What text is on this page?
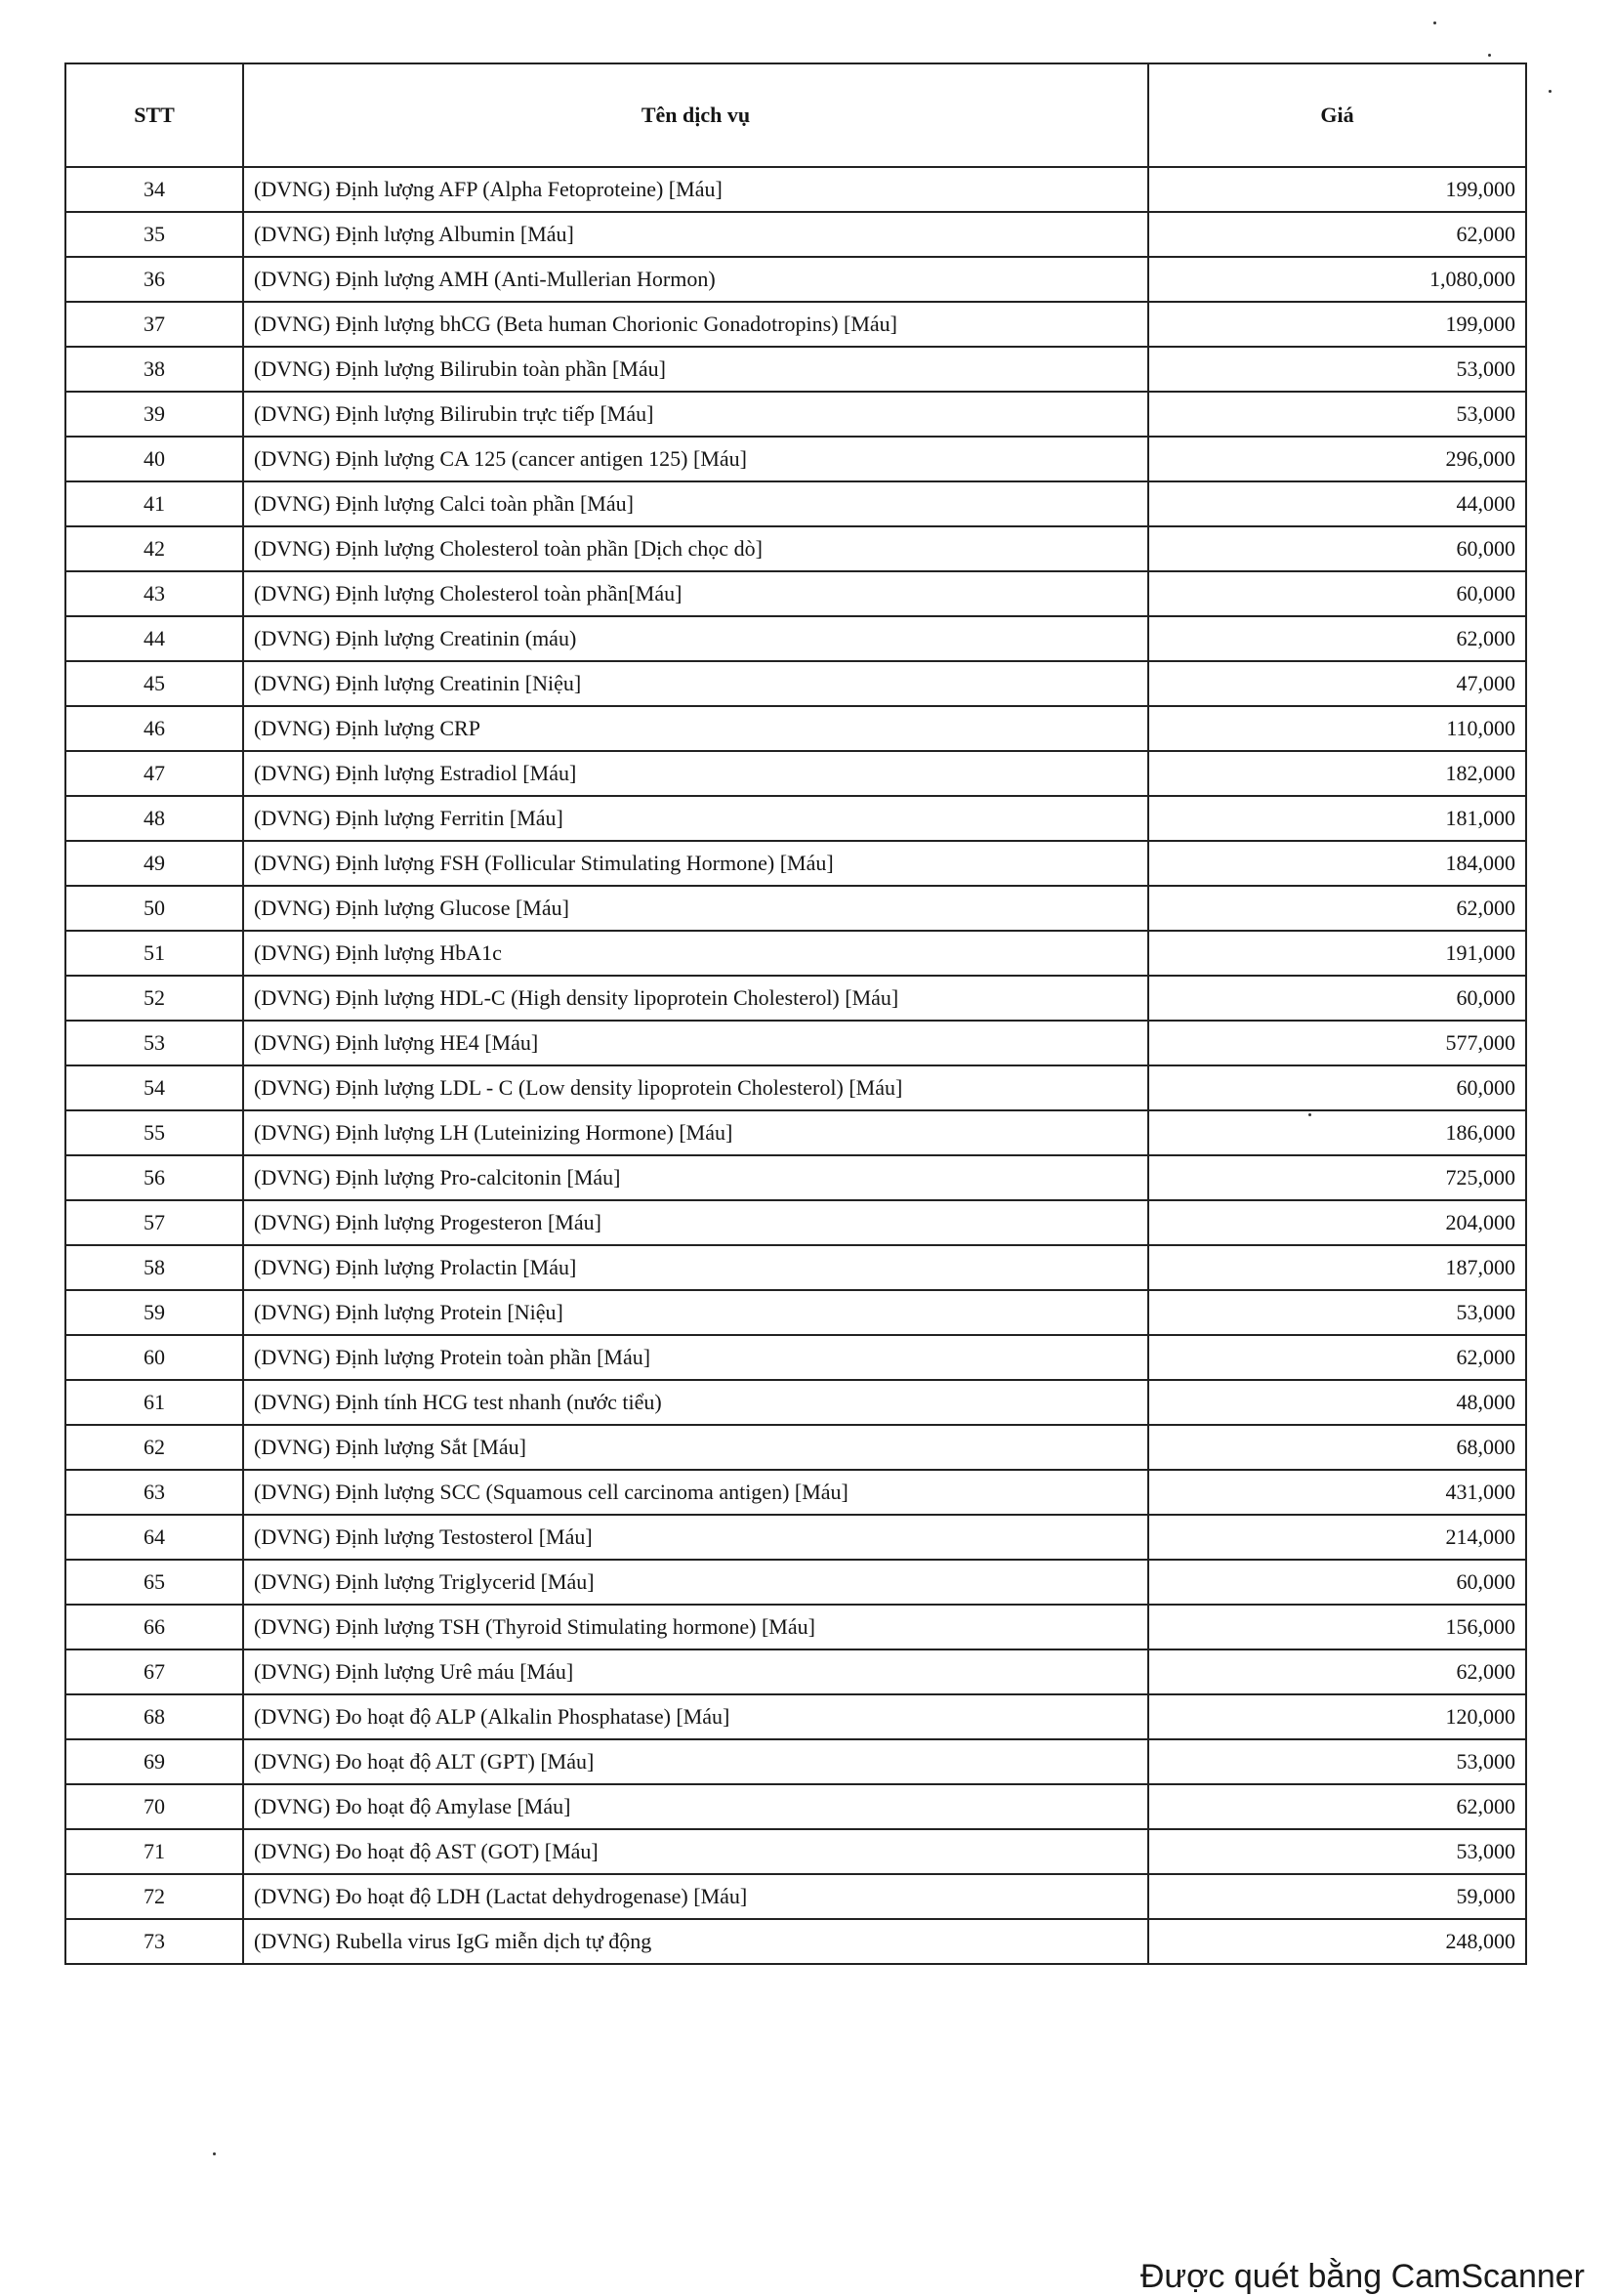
STT	Tên dịch vụ	Giá
34	(DVNG) Định lượng AFP (Alpha Fetoproteine) [Máu]	199,000
35	(DVNG) Định lượng Albumin [Máu]	62,000
36	(DVNG) Định lượng AMH (Anti-Mullerian Hormon)	1,080,000
37	(DVNG) Định lượng bhCG (Beta human Chorionic Gonadotropins) [Máu]	199,000
38	(DVNG) Định lượng Bilirubin toàn phần [Máu]	53,000
39	(DVNG) Định lượng Bilirubin trực tiếp [Máu]	53,000
40	(DVNG) Định lượng CA 125 (cancer antigen 125) [Máu]	296,000
41	(DVNG) Định lượng Calci toàn phần [Máu]	44,000
42	(DVNG) Định lượng Cholesterol toàn phần [Dịch chọc dò]	60,000
43	(DVNG) Định lượng Cholesterol toàn phần[Máu]	60,000
44	(DVNG) Định lượng Creatinin (máu)	62,000
45	(DVNG) Định lượng Creatinin [Niệu]	47,000
46	(DVNG) Định lượng CRP	110,000
47	(DVNG) Định lượng Estradiol [Máu]	182,000
48	(DVNG) Định lượng Ferritin [Máu]	181,000
49	(DVNG) Định lượng FSH (Follicular Stimulating Hormone) [Máu]	184,000
50	(DVNG) Định lượng Glucose [Máu]	62,000
51	(DVNG) Định lượng HbA1c	191,000
52	(DVNG) Định lượng HDL-C (High density lipoprotein Cholesterol) [Máu]	60,000
53	(DVNG) Định lượng HE4 [Máu]	577,000
54	(DVNG) Định lượng LDL - C (Low density lipoprotein Cholesterol) [Máu]	60,000
55	(DVNG) Định lượng LH (Luteinizing Hormone) [Máu]	186,000
56	(DVNG) Định lượng Pro-calcitonin [Máu]	725,000
57	(DVNG) Định lượng Progesteron [Máu]	204,000
58	(DVNG) Định lượng Prolactin [Máu]	187,000
59	(DVNG) Định lượng Protein [Niệu]	53,000
60	(DVNG) Định lượng Protein toàn phần [Máu]	62,000
61	(DVNG) Định tính HCG test nhanh (nước tiểu)	48,000
62	(DVNG) Định lượng Sắt [Máu]	68,000
63	(DVNG) Định lượng SCC (Squamous cell carcinoma antigen) [Máu]	431,000
64	(DVNG) Định lượng Testosterol [Máu]	214,000
65	(DVNG) Định lượng Triglycerid [Máu]	60,000
66	(DVNG) Định lượng TSH (Thyroid Stimulating hormone) [Máu]	156,000
67	(DVNG) Định lượng Urê máu [Máu]	62,000
68	(DVNG) Đo hoạt độ ALP (Alkalin Phosphatase) [Máu]	120,000
69	(DVNG) Đo hoạt độ ALT (GPT) [Máu]	53,000
70	(DVNG) Đo hoạt độ Amylase [Máu]	62,000
71	(DVNG) Đo hoạt độ AST (GOT) [Máu]	53,000
72	(DVNG) Đo hoạt độ LDH (Lactat dehydrogenase) [Máu]	59,000
73	(DVNG) Rubella virus IgG miễn dịch tự động	248,000
Được quét bằng CamScanner
